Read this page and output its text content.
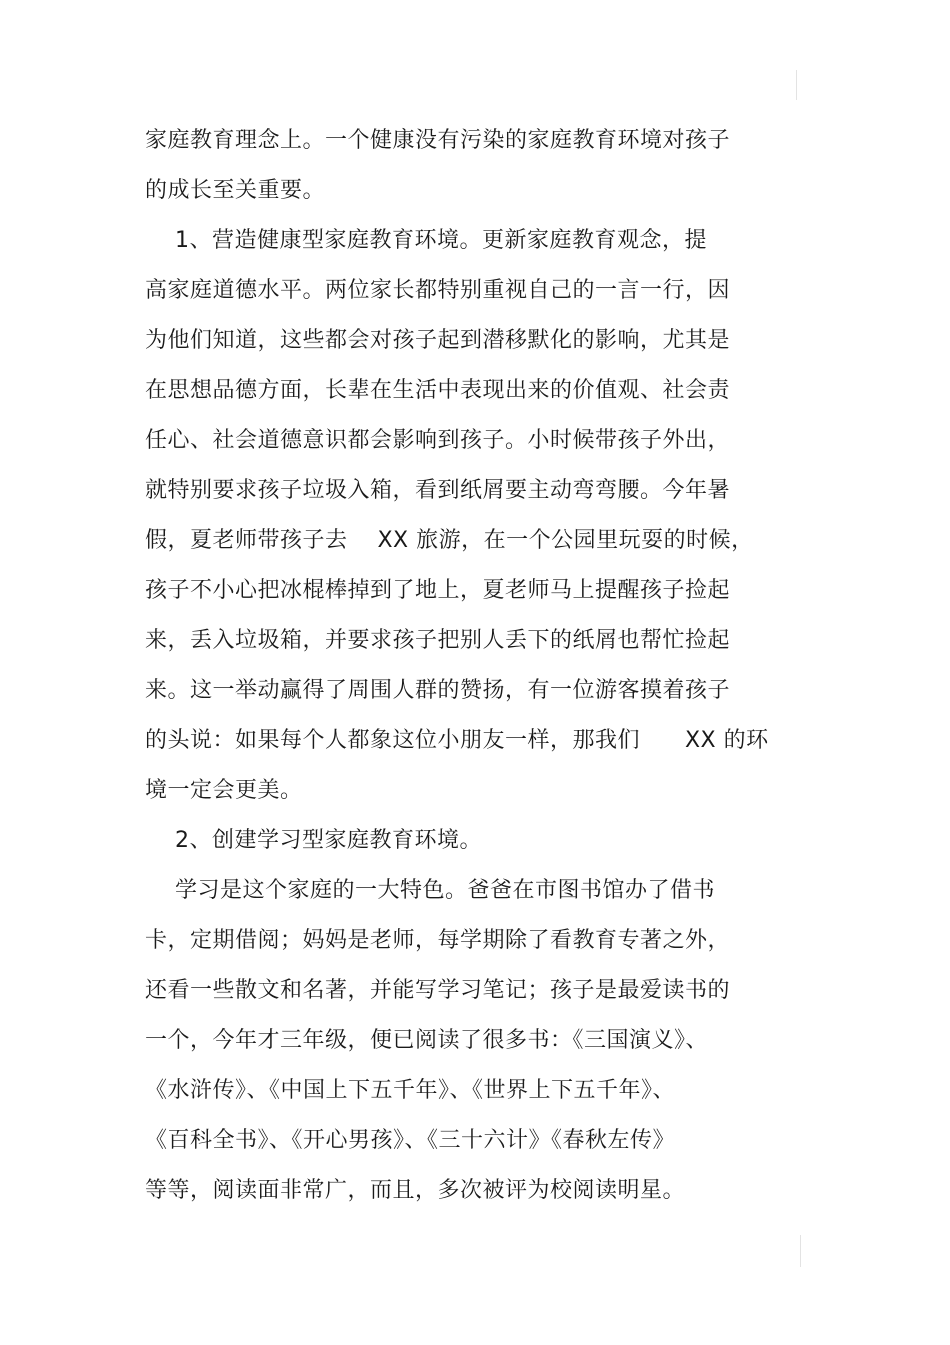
家庭教育理念上。一个健康没有污染的家庭教育环境对孩子
的成长至关重要。
1、营造健康型家庭教育环境。更新家庭教育观念，提
高家庭道德水平。两位家长都特别重视自己的一言一行，因
为他们知道，这些都会对孩子起到潜移默化的影响，尤其是
在思想品德方面，长辈在生活中表现出来的价值观、社会责
任心、社会道德意识都会影响到孩子。小时候带孩子外出，
就特别要求孩子垃圾入箱，看到纸屑要主动弯弯腰。今年暑
假，夏老师带孩子去    XX 旅游，在一个公园里玩耍的时候，
孩子不小心把冰棍棒掉到了地上，夏老师马上提醒孩子捡起
来，丢入垃圾箱，并要求孩子把别人丢下的纸屑也帮忙捡起
来。这一举动赢得了周围人群的赞扬，有一位游客摸着孩子
的头说：如果每个人都象这位小朋友一样，那我们      XX 的环
境一定会更美。
2、创建学习型家庭教育环境。
学习是这个家庭的一大特色。爸爸在市图书馆办了借书
卡，定期借阅；妈妈是老师，每学期除了看教育专著之外，
还看一些散文和名著，并能写学习笔记；孩子是最爱读书的
一个，今年才三年级，便已阅读了很多书：《三国演义》、
《水浒传》、《中国上下五千年》、《世界上下五千年》、
《百科全书》、《开心男孩》、《三十六计》《春秋左传》
等等，阅读面非常广，而且，多次被评为校阅读明星。
